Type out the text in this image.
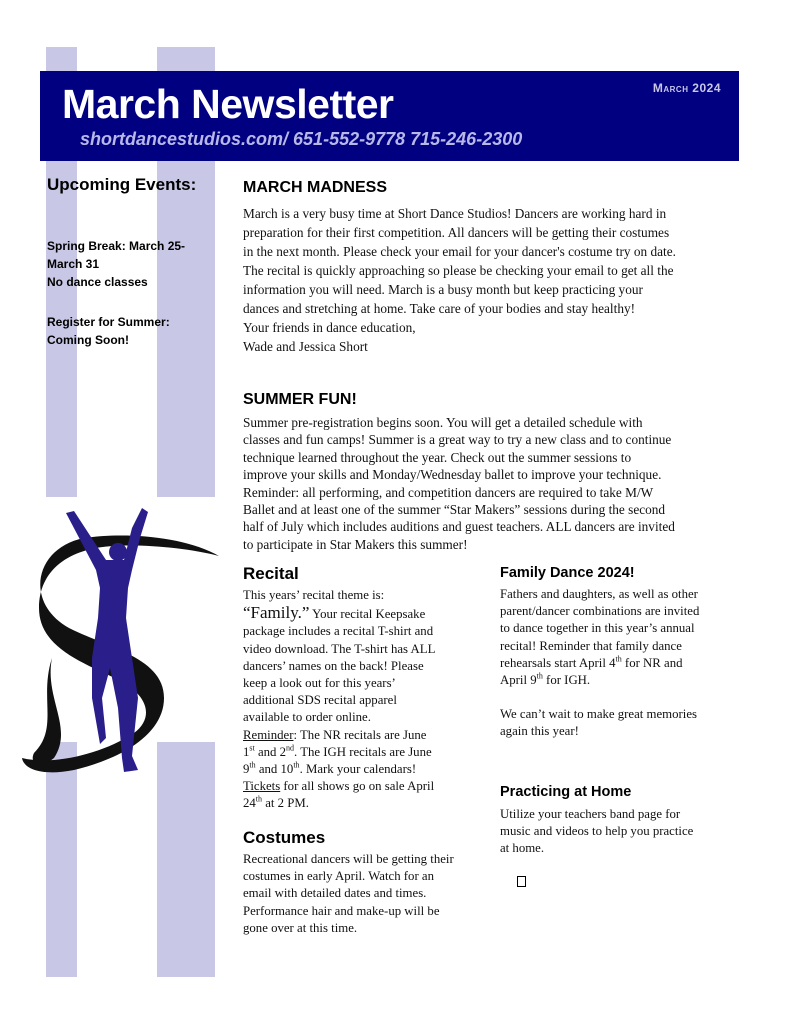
March Newsletter
shortdancestudios.com/ 651-552-9778 715-246-2300
March 2024
Upcoming Events:
Spring Break: March 25-
March 31
No dance classes
Register for Summer:
Coming Soon!
MARCH MADNESS
March is a very busy time at Short Dance Studios! Dancers are working hard in
preparation for their first competition. All dancers will be getting their costumes
in the next month. Please check your email for your dancer's costume try on date.
The recital is quickly approaching so please be checking your email to get all the
information you will need. March is a busy month but keep practicing your
dances and stretching at home. Take care of your bodies and stay healthy!
Your friends in dance education,
Wade and Jessica Short
SUMMER FUN!
Summer pre-registration begins soon. You will get a detailed schedule with
classes and fun camps! Summer is a great way to try a new class and to continue
technique learned throughout the year. Check out the summer sessions to
improve your skills and Monday/Wednesday ballet to improve your technique.
Reminder: all performing, and competition dancers are required to take M/W
Ballet and at least one of the summer “Star Makers” sessions during the second
half of July which includes auditions and guest teachers. ALL dancers are invited
to participate in Star Makers this summer!
Recital
This years’ recital theme is:
“Family.” Your recital Keepsake
package includes a recital T-shirt and
video download. The T-shirt has ALL
dancers’ names on the back! Please
keep a look out for this years’
additional SDS recital apparel
available to order online.
Reminder: The NR recitals are June
1st and 2nd. The IGH recitals are June
9th and 10th. Mark your calendars!
Tickets for all shows go on sale April
24th at 2 PM.
Costumes
Recreational dancers will be getting their
costumes in early April. Watch for an
email with detailed dates and times.
Performance hair and make-up will be
gone over at this time.
Family Dance 2024!
Fathers and daughters, as well as other
parent/dancer combinations are invited
to dance together in this year’s annual
recital! Reminder that family dance
rehearsals start April 4th for NR and
April 9th for IGH.
We can’t wait to make great memories
again this year!
Practicing at Home
Utilize your teachers band page for
music and videos to help you practice
at home.
